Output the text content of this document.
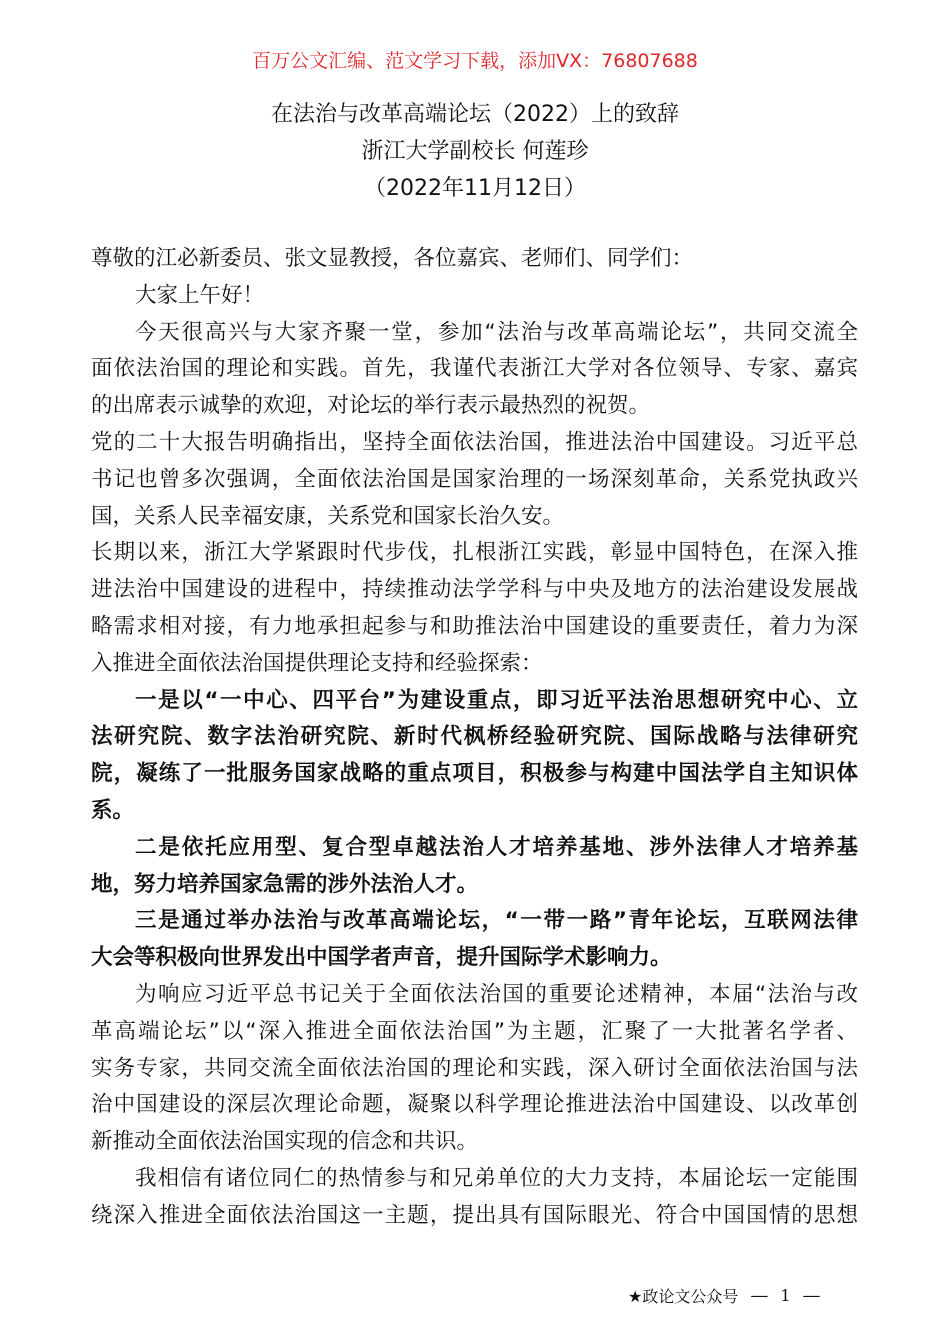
百万公文汇编、范文学习下载，添加VX：76807688
在法治与改革高端论坛（2022）上的致辞
浙江大学副校长 何莲珍
（2022年11月12日）
尊敬的江必新委员、张文显教授，各位嘉宾、老师们、同学们：
大家上午好！
今天很高兴与大家齐聚一堂，参加“法治与改革高端论坛”，共同交流全
面依法治国的理论和实践。首先，我谨代表浙江大学对各位领导、专家、嘉宾
的出席表示诚挚的欢迎，对论坛的举行表示最热烈的祝贺。
党的二十大报告明确指出，坚持全面依法治国，推进法治中国建设。习近平总
书记也曾多次强调，全面依法治国是国家治理的一场深刻革命，关系党执政兴
国，关系人民幸福安康，关系党和国家长治久安。
长期以来，浙江大学紧跟时代步伐，扎根浙江实践，彰显中国特色，在深入推
进法治中国建设的进程中，持续推动法学学科与中央及地方的法治建设发展战
略需求相对接，有力地承担起参与和助推法治中国建设的重要责任，着力为深
入推进全面依法治国提供理论支持和经验探索：
一是以“一中心、四平台”为建设重点，即习近平法治思想研究中心、立
法研究院、数字法治研究院、新时代枫桥经验研究院、国际战略与法律研究
院，凝练了一批服务国家战略的重点项目，积极参与构建中国法学自主知识体
系。
二是依托应用型、复合型卓越法治人才培养基地、涉外法律人才培养基
地，努力培养国家急需的涉外法治人才。
三是通过举办法治与改革高端论坛，“一带一路”青年论坛，互联网法律
大会等积极向世界发出中国学者声音，提升国际学术影响力。
为响应习近平总书记关于全面依法治国的重要论述精神，本届“法治与改
革高端论坛”以“深入推进全面依法治国”为主题，汇聚了一大批著名学者、
实务专家，共同交流全面依法治国的理论和实践，深入研讨全面依法治国与法
治中国建设的深层次理论命题，凝聚以科学理论推进法治中国建设、以改革创
新推动全面依法治国实现的信念和共识。
我相信有诸位同仁的热情参与和兄弟单位的大力支持，本届论坛一定能围
绕深入推进全面依法治国这一主题，提出具有国际眼光、符合中国国情的思想
★政论文公众号 — 1 —
